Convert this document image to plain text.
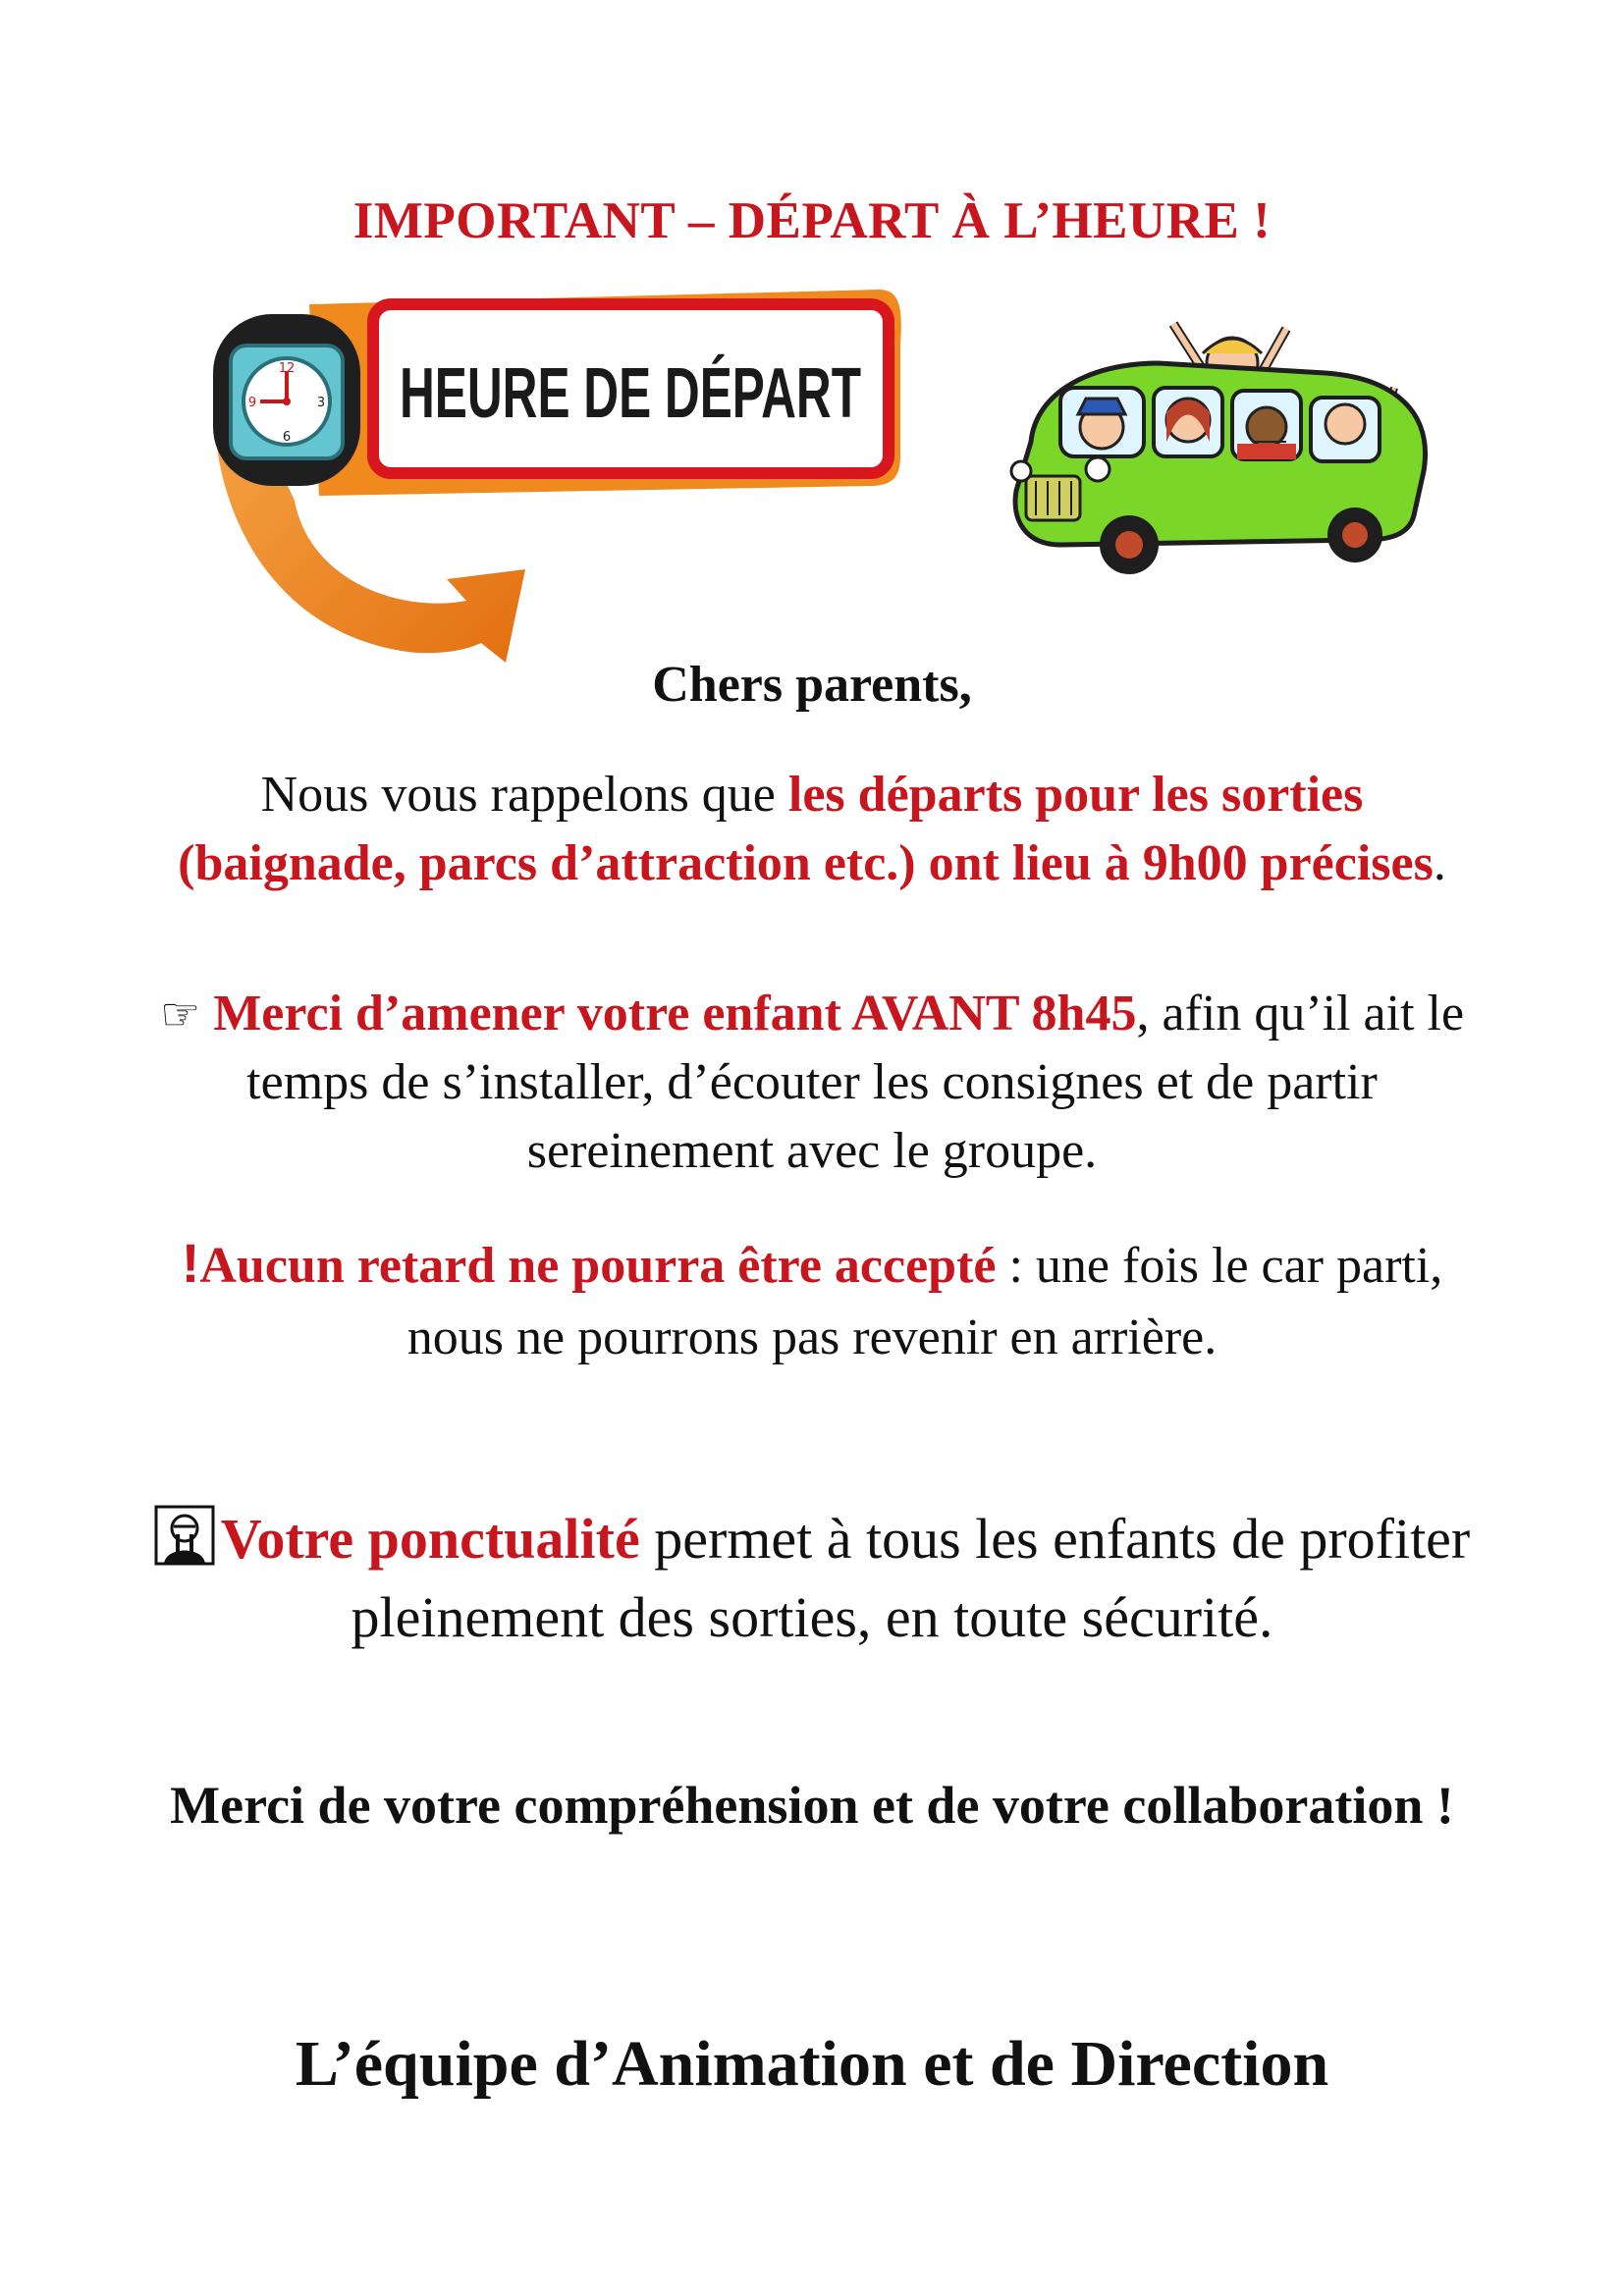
IMPORTANT – DÉPART À L’HEURE !
12
3
6
9 HEURE DE DÉPART
Chers parents,
Nous vous rappelons que les départs pour les sorties (baignade, parcs d’attraction etc.) ont lieu à 9h00 précises.
☞ Merci d’amener votre enfant AVANT 8h45, afin qu’il ait le temps de s’installer, d’écouter les consignes et de partir sereinement avec le groupe.
!Aucun retard ne pourra être accepté : une fois le car parti, nous ne pourrons pas revenir en arrière.
Votre ponctualité permet à tous les enfants de profiter pleinement des sorties, en toute sécurité.
Merci de votre compréhension et de votre collaboration !
L’équipe d’Animation et de Direction
